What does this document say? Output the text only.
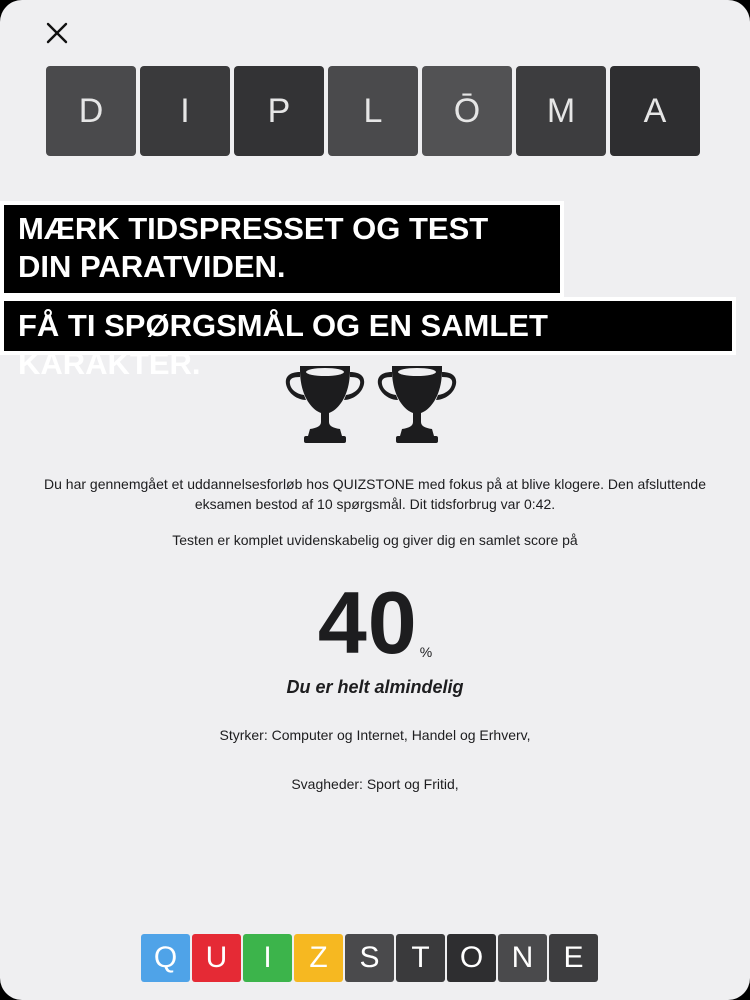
D	I	P	L	Ō	M	A
MÆRK TIDSPRESSET OG TEST DIN PARATVIDEN.
FÅ TI SPØRGSMÅL OG EN SAMLET KARAKTER.

Du har gennemgået et uddannelsesforløb hos QUIZSTONE med fokus på at blive klogere. Den afsluttende eksamen bestod af 10 spørgsmål. Dit tidsforbrug var 0:42.

Testen er komplet uvidenskabelig og giver dig en samlet score på

40 %
Du er helt almindelig
Styrker: Computer og Internet, Handel og Erhverv,
Svagheder: Sport og Fritid,
Q U	I	Z	S	T	O N	E
